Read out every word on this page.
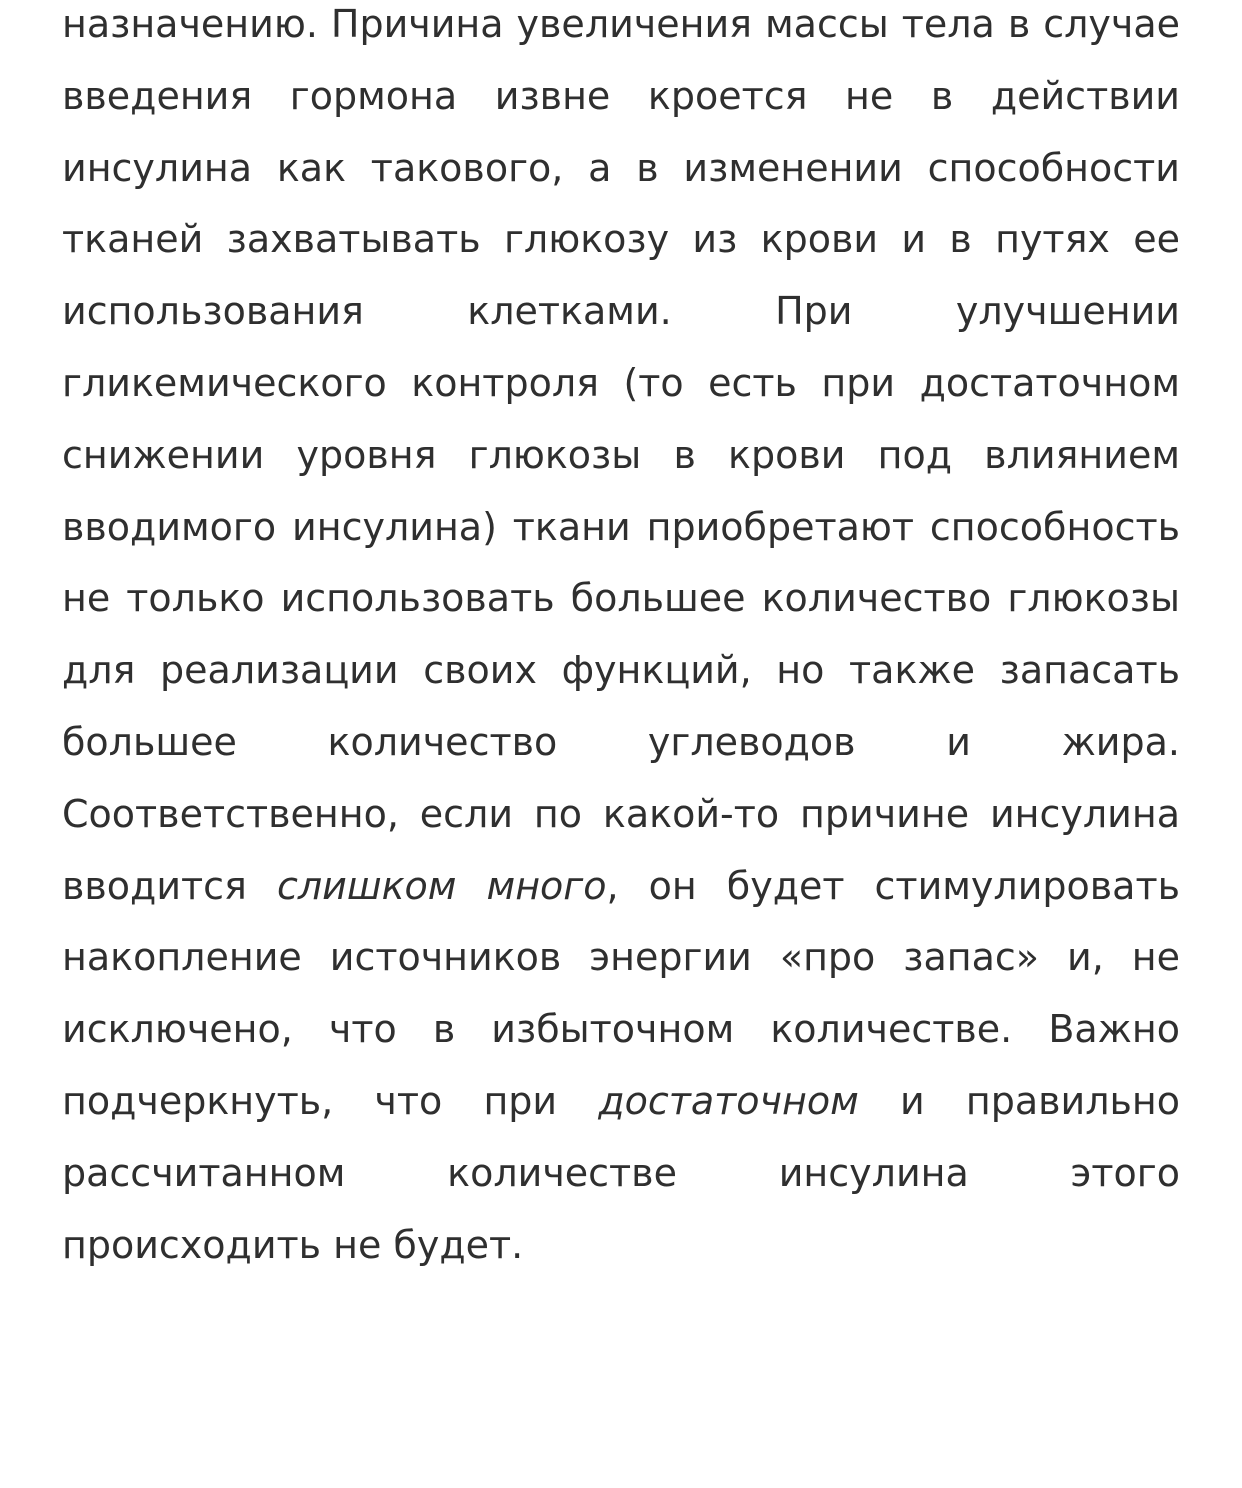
назначению. Причина увеличения массы тела в случае введения гормона извне кроется не в действии инсулина как такового, а в изменении способности тканей захватывать глюкозу из крови и в путях ее использования клетками. При улучшении гликемического контроля (то есть при достаточном снижении уровня глюкозы в крови под влиянием вводимого инсулина) ткани приобретают способность не только использовать большее количество глюкозы для реализации своих функций, но также запасать большее количество углеводов и жира. Соответственно, если по какой-то причине инсулина вводится слишком много, он будет стимулировать накопление источников энергии «про запас» и, не исключено, что в избыточном количестве. Важно подчеркнуть, что при достаточном и правильно рассчитанном количестве инсулина этого происходить не будет.
